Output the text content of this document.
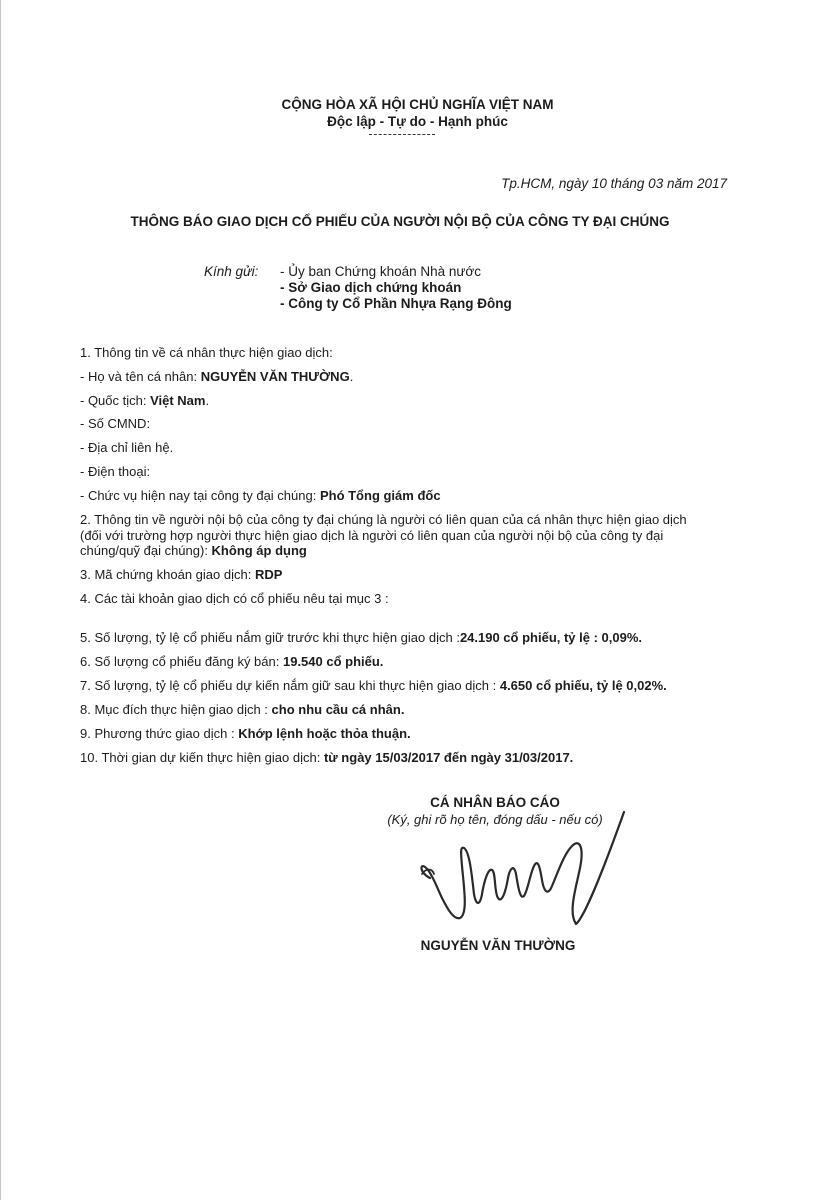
CỘNG HÒA XÃ HỘI CHỦ NGHĨA VIỆT NAM
Độc lập - Tự do - Hạnh phúc
Tp.HCM, ngày 10 tháng 03 năm 2017
THÔNG BÁO GIAO DỊCH CỔ PHIẾU CỦA NGƯỜI NỘI BỘ CỦA CÔNG TY ĐẠI CHÚNG
Kính gửi: - Ủy ban Chứng khoán Nhà nước
- Sở Giao dịch chứng khoán
- Công ty Cổ Phần Nhựa Rạng Đông
1. Thông tin về cá nhân thực hiện giao dịch:
- Họ và tên cá nhân: NGUYỄN VĂN THƯỜNG.
- Quốc tịch: Việt Nam.
- Số CMND:
- Địa chỉ liên hệ.
- Điện thoại:
- Chức vụ hiện nay tại công ty đại chúng: Phó Tổng giám đốc
2. Thông tin về người nội bộ của công ty đại chúng là người có liên quan của cá nhân thực hiện giao dịch
(đối với trường hợp người thực hiện giao dịch là người có liên quan của người nội bộ của công ty đại
chúng/quỹ đại chúng): Không áp dụng
3. Mã chứng khoán giao dịch: RDP
4. Các tài khoản giao dịch có cổ phiếu nêu tại mục 3 :
5. Số lượng, tỷ lệ cổ phiếu nắm giữ trước khi thực hiện giao dịch :24.190 cổ phiếu, tỷ lệ : 0,09%.
6. Số lượng cổ phiếu đăng ký bán: 19.540 cổ phiếu.
7. Số lượng, tỷ lệ cổ phiếu dự kiến nắm giữ sau khi thực hiện giao dịch : 4.650 cổ phiếu, tỷ lệ 0,02%.
8. Mục đích thực hiện giao dịch : cho nhu cầu cá nhân.
9. Phương thức giao dịch : Khớp lệnh hoặc thỏa thuận.
10. Thời gian dự kiến thực hiện giao dịch: từ ngày 15/03/2017 đến ngày 31/03/2017.
CÁ NHÂN BÁO CÁO
(Ký, ghi rõ họ tên, đóng dấu - nếu có)
NGUYỄN VĂN THƯỜNG
